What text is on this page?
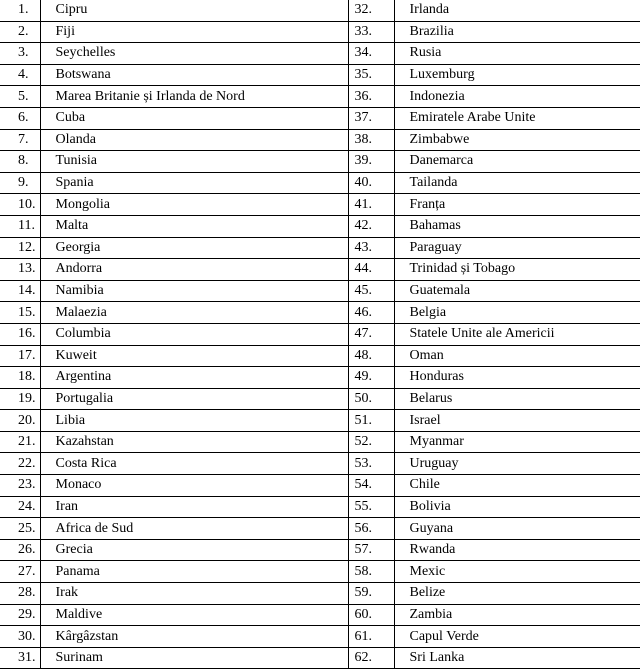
1.	Cipru	32.	Irlanda
2.	Fiji	33.	Brazilia
3.	Seychelles	34.	Rusia
4.	Botswana	35.	Luxemburg
5.	Marea Britanie și Irlanda de Nord	36.	Indonezia
6.	Cuba	37.	Emiratele Arabe Unite
7.	Olanda	38.	Zimbabwe
8.	Tunisia	39.	Danemarca
9.	Spania	40.	Tailanda
10.	Mongolia	41.	Franța
11.	Malta	42.	Bahamas
12.	Georgia	43.	Paraguay
13.	Andorra	44.	Trinidad și Tobago
14.	Namibia	45.	Guatemala
15.	Malaezia	46.	Belgia
16.	Columbia	47.	Statele Unite ale Americii
17.	Kuweit	48.	Oman
18.	Argentina	49.	Honduras
19.	Portugalia	50.	Belarus
20.	Libia	51.	Israel
21.	Kazahstan	52.	Myanmar
22.	Costa Rica	53.	Uruguay
23.	Monaco	54.	Chile
24.	Iran	55.	Bolivia
25.	Africa de Sud	56.	Guyana
26.	Grecia	57.	Rwanda
27.	Panama	58.	Mexic
28.	Irak	59.	Belize
29.	Maldive	60.	Zambia
30.	Kârgâzstan	61.	Capul Verde
31.	Surinam	62.	Sri Lanka
